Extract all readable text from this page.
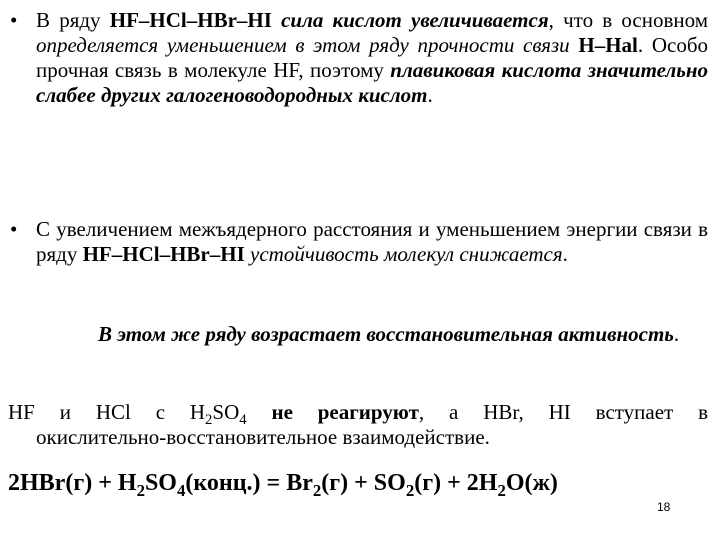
• В ряду HF–HCl–HBr–HI сила кислот увеличивается, что в основном определяется уменьшением в этом ряду прочности связи H–Hal. Особо прочная связь в молекуле HF, поэтому плавиковая кислота значительно слабее других галогеноводородных кислот.
• С увеличением межъядерного расстояния и уменьшением энергии связи в ряду HF–HCl–HBr–HI устойчивость молекул снижается.
В этом же ряду возрастает восстановительная активность.
HF и HCl с $H_2SO_4$ не реагируют, а HBr, HI вступает в
окислительно-восстановительное взаимодействие.
$2HBr(г) + H_2SO_4(конц.) = Br_2(г) + SO_2(г) + 2H_2O(ж)$
18
